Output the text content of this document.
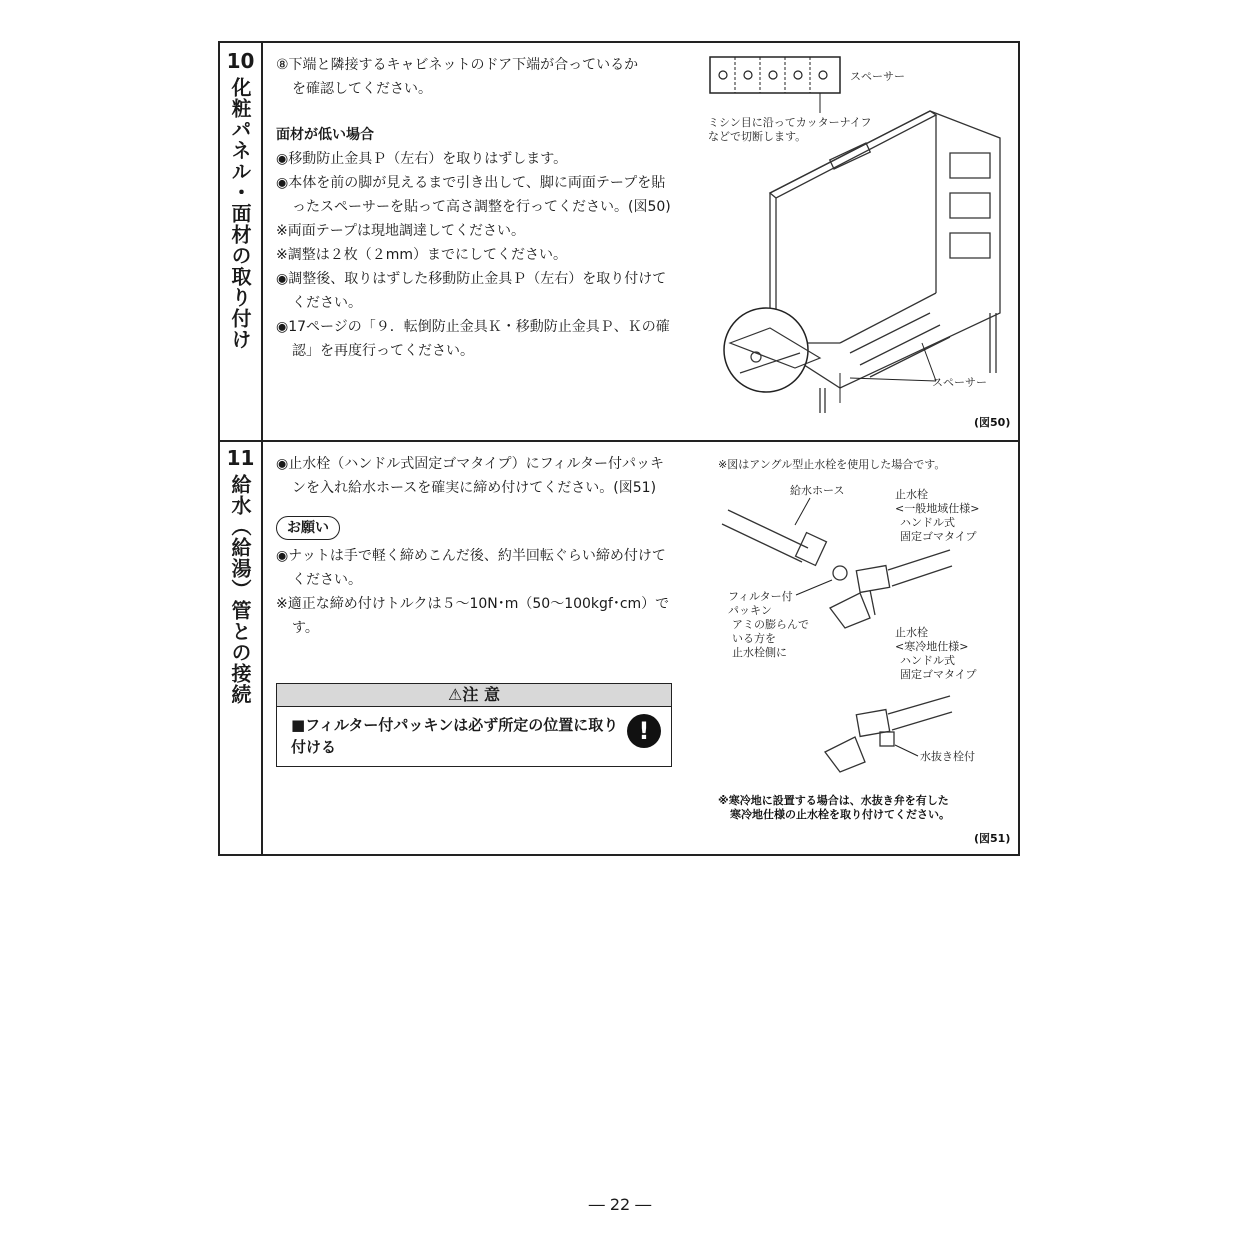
10
化粧パネル・面材の取り付け

⑧下端と隣接するキャビネットのドア下端が合っているか

を確認してください。

面材が低い場合

◉移動防止金具Ｐ（左右）を取りはずします。

◉本体を前の脚が見えるまで引き出して、脚に両面テープを貼ったスペーサーを貼って高さ調整を行ってください。(図50)

※両面テープは現地調達してください。

※調整は２枚（２mm）までにしてください。

◉調整後、取りはずした移動防止金具Ｐ（左右）を取り付けてください。

◉17ページの「９．転倒防止金具Ｋ・移動防止金具Ｐ、Ｋの確認」を再度行ってください。

スペーサー
ミシン目に沿ってカッターナイフ
などで切断します。
スペーサー
(図50)
11
給水（給湯）管との接続

◉止水栓（ハンドル式固定ゴマタイプ）にフィルター付パッキンを入れ給水ホースを確実に締め付けてください。(図51)

お願い

◉ナットは手で軽く締めこんだ後、約半回転ぐらい締め付けてください。

※適正な締め付けトルクは５～10N･m（50～100kgf･cm）です。

⚠注 意
■フィルター付パッキンは必ず所定の位置に取り付ける
!
※図はアングル型止水栓を使用した場合です。
給水ホース	止水栓
<一般地域仕様>
ハンドル式
固定ゴマタイプ
フィルター付
パッキン
アミの膨らんで
いる方を
止水栓側に
止水栓
<寒冷地仕様>
ハンドル式
固定ゴマタイプ
水抜き栓付
※寒冷地に設置する場合は、水抜き弁を有した
寒冷地仕様の止水栓を取り付けてください。
(図51)
― 22 ―
